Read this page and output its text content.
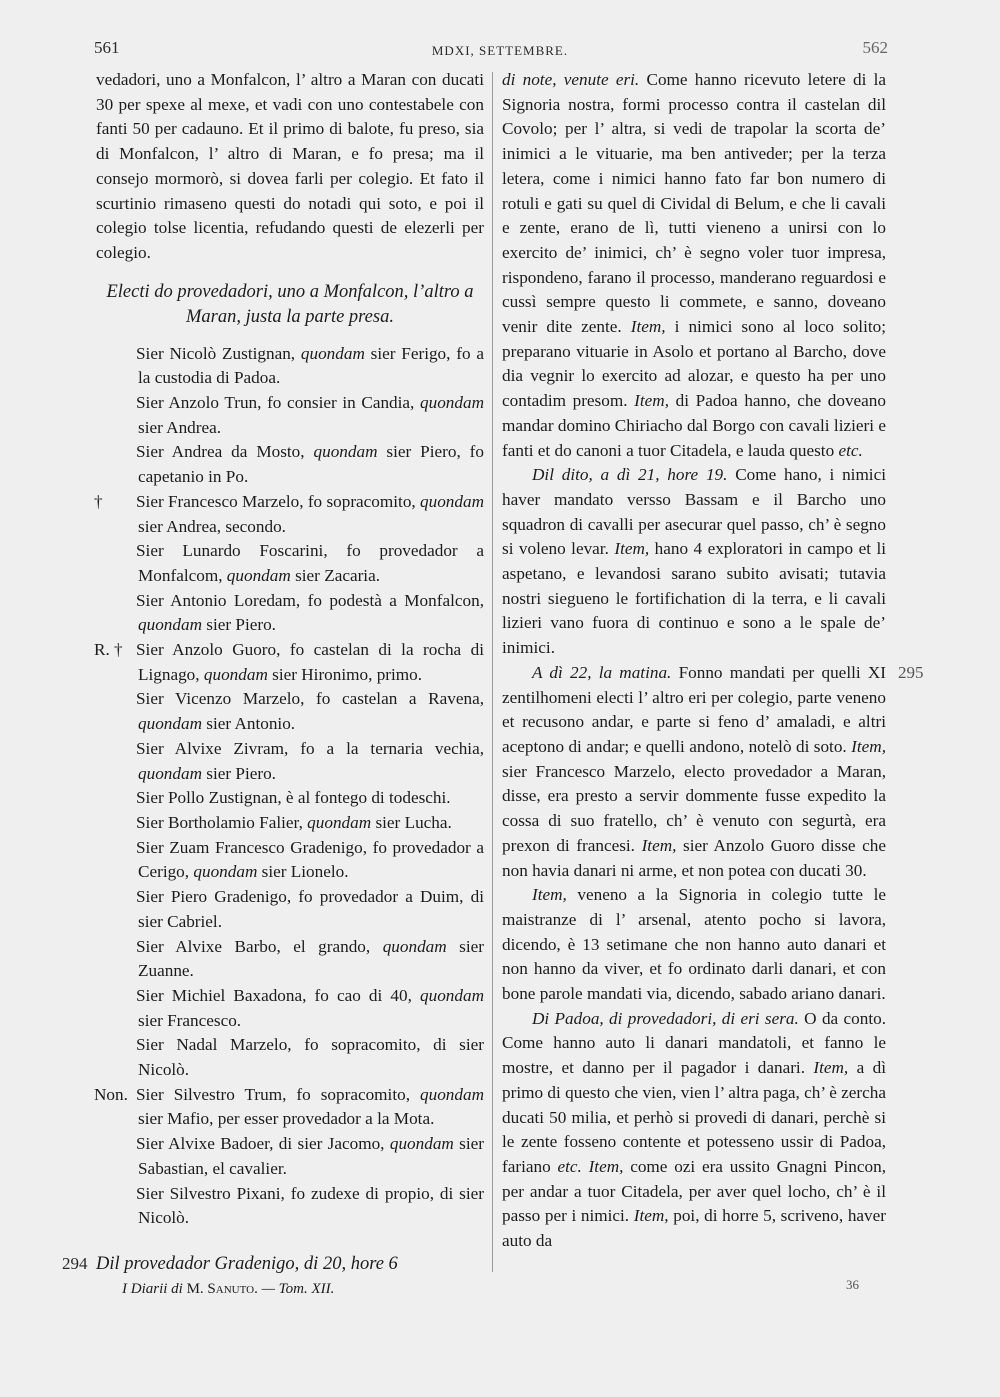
561	MDXI, SETTEMBRE.	562

vedadori, uno a Monfalcon, l’ altro a Maran con ducati 30 per spexe al mexe, et vadi con uno contestabele con fanti 50 per cadauno. Et il primo di balote, fu preso, sia di Monfalcon, l’ altro di Maran, e fo presa; ma il consejo mormorò, si dovea farli per colegio. Et fato il scurtinio rimaseno questi do notadi qui soto, e poi il colegio tolse licentia, refudando questi de elezerli per colegio.

Electi do provedadori, uno a Monfalcon, l’altro a Maran, justa la parte presa.

Sier Nicolò Zustignan, quondam sier Ferigo, fo a la custodia di Padoa.

Sier Anzolo Trun, fo consier in Candia, quondam sier Andrea.

Sier Andrea da Mosto, quondam sier Piero, fo capetanio in Po.

†	Sier Francesco Marzelo, fo sopracomito, quondam sier Andrea, secondo.

Sier Lunardo Foscarini, fo provedador a Monfalcom, quondam sier Zacaria.

Sier Antonio Loredam, fo podestà a Monfalcon, quondam sier Piero.

R. † Sier Anzolo Guoro, fo castelan di la rocha di Lignago, quondam sier Hironimo, primo.

Sier Vicenzo Marzelo, fo castelan a Ravena, quondam sier Antonio.

Sier Alvixe Zivram, fo a la ternaria vechia, quondam sier Piero.

Sier Pollo Zustignan, è al fontego di todeschi.

Sier Bortholamio Falier, quondam sier Lucha.

Sier Zuam Francesco Gradenigo, fo provedador a Cerigo, quondam sier Lionelo.

Sier Piero Gradenigo, fo provedador a Duim, di sier Cabriel.

Sier Alvixe Barbo, el grando, quondam sier Zuanne.

Sier Michiel Baxadona, fo cao di 40, quondam sier Francesco.

Sier Nadal Marzelo, fo sopracomito, di sier Nicolò.

Non. Sier Silvestro Trum, fo sopracomito, quondam sier Mafio, per esser provedador a la Mota.

Sier Alvixe Badoer, di sier Jacomo, quondam sier Sabastian, el cavalier.

Sier Silvestro Pixani, fo zudexe di propio, di sier Nicolò.

294 Dil provedador Gradenigo, di 20, hore 6

di note, venute eri. Come hanno ricevuto letere di la Signoria nostra, formi processo contra il castelan dil Covolo; per l’ altra, si vedi de trapolar la scorta de’ inimici a le vituarie, ma ben antiveder; per la terza letera, come i nimici hanno fato far bon numero di rotuli e gati su quel di Cividal di Belum, e che li cavali e zente, erano de lì, tutti vieneno a unirsi con lo exercito de’ inimici, ch’ è segno voler tuor impresa, rispondeno, farano il processo, manderano reguardosi e cussì sempre questo li commete, e sanno, doveano venir dite zente. Item, i nimici sono al loco solito; preparano vituarie in Asolo et portano al Barcho, dove dia vegnir lo exercito ad alozar, e questo ha per uno contadim presom. Item, di Padoa hanno, che doveano mandar domino Chiriacho dal Borgo con cavali lizieri e fanti et do canoni a tuor Citadela, e lauda questo etc.

Dil dito, a dì 21, hore 19. Come hano, i nimici haver mandato versso Bassam e il Barcho uno squadron di cavalli per asecurar quel passo, ch’ è segno si voleno levar. Item, hano 4 exploratori in campo et li aspetano, e levandosi sarano subito avisati; tutavia nostri siegueno le fortifichation di la terra, e li cavali lizieri vano fuora di continuo e sono a le spale de’ inimici.

A dì 22, la matina. Fonno mandati per quelli XI zentilhomeni electi l’ altro eri per colegio, parte veneno et recusono andar, e parte si feno d’ amaladi, e altri aceptono di andar; e quelli andono, notelò di soto. Item, sier Francesco Marzelo, electo provedador a Maran, disse, era presto a servir dommente fusse expedito la cossa di suo fratello, ch’ è venuto con segurtà, era prexon di francesi. Item, sier Anzolo Guoro disse che non havia danari ni arme, et non potea con ducati 30.

Item, veneno a la Signoria in colegio tutte le maistranze di l’ arsenal, atento pocho si lavora, dicendo, è 13 setimane che non hanno auto danari et non hanno da viver, et fo ordinato darli danari, et con bone parole mandati via, dicendo, sabado ariano danari.

Di Padoa, di provedadori, di eri sera. O da conto. Come hanno auto li danari mandatoli, et fanno le mostre, et danno per il pagador i danari. Item, a dì primo di questo che vien, vien l’ altra paga, ch’ è zercha ducati 50 milia, et perhò si provedi di danari, perchè si le zente fosseno contente et potesseno ussir di Padoa, fariano etc. Item, come ozi era ussito Gnagni Pincon, per andar a tuor Citadela, per aver quel locho, ch’ è il passo per i nimici. Item, poi, di horre 5, scriveno, haver auto da

295
I Diarii di M. Sanuto. — Tom. XII.	36
